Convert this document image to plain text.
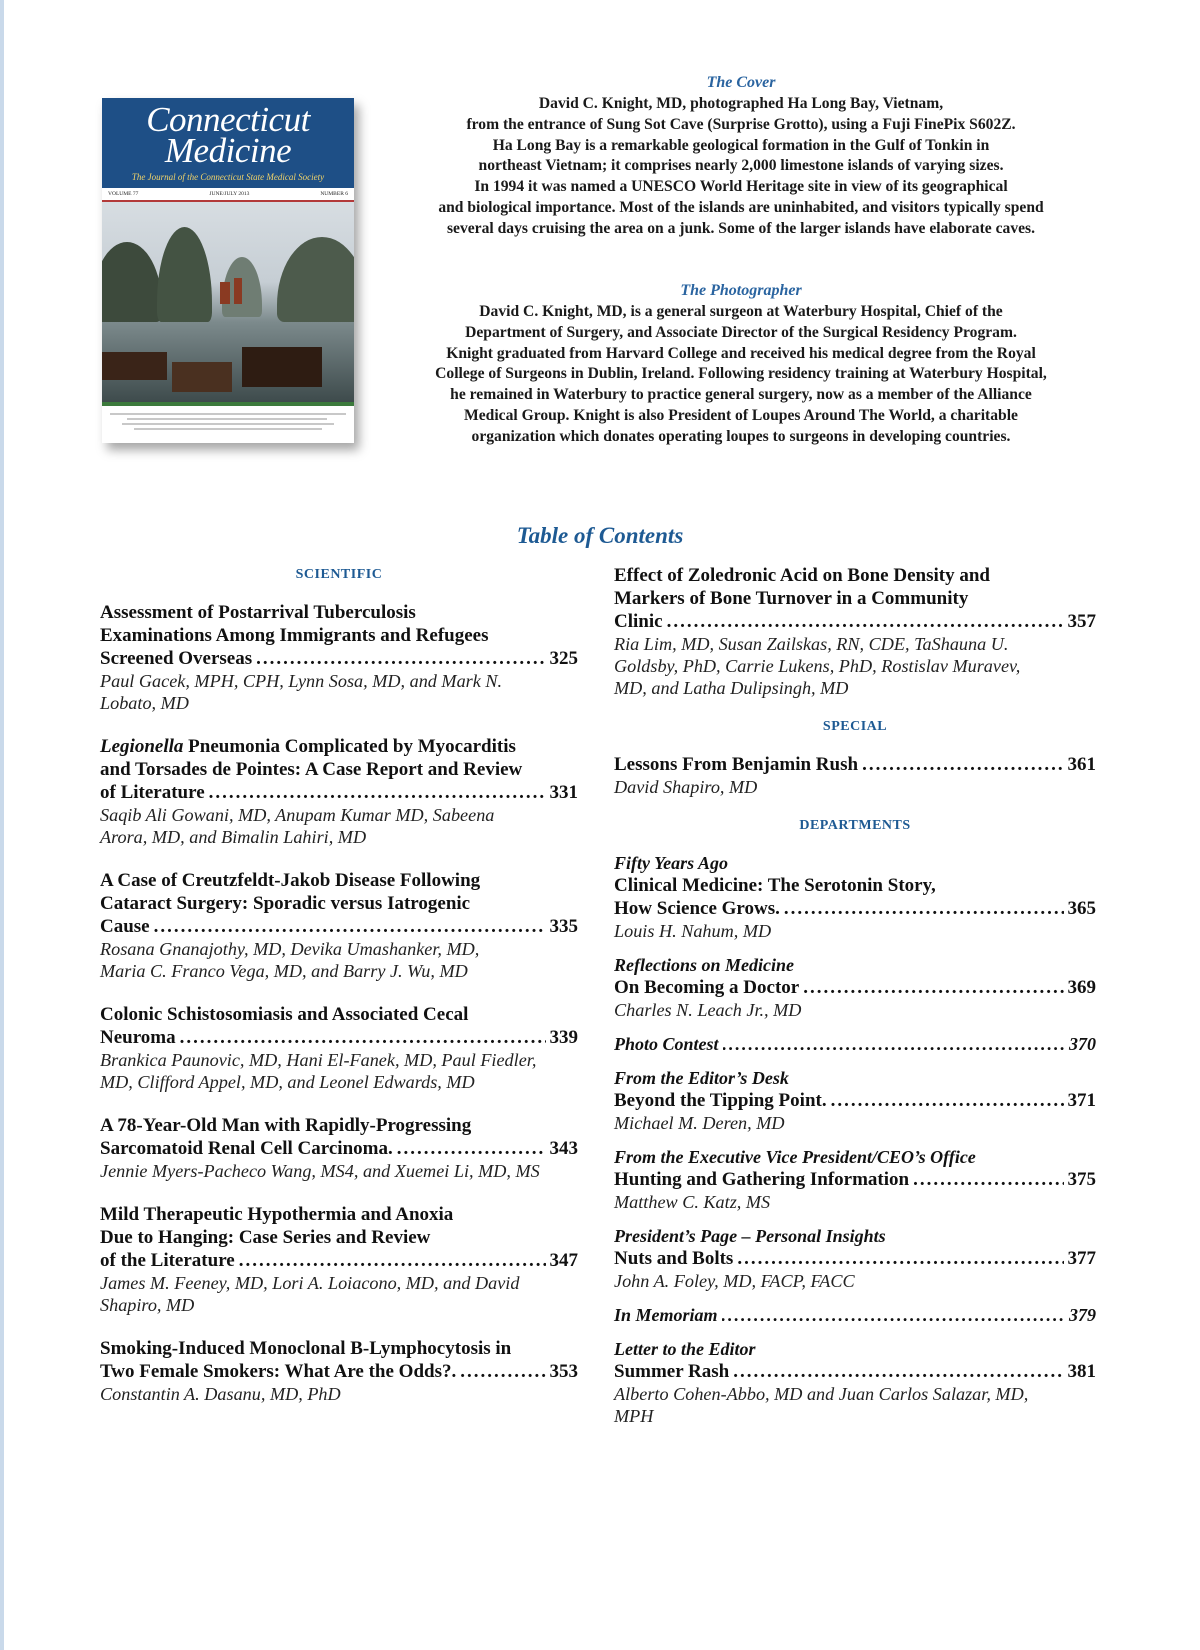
Connecticut
Medicine
The Journal of the Connecticut State Medical Society
VOLUME 77	JUNE/JULY 2013	NUMBER 6
The Cover

David C. Knight, MD, photographed Ha Long Bay, Vietnam,
from the entrance of Sung Sot Cave (Surprise Grotto), using a Fuji FinePix S602Z.
Ha Long Bay is a remarkable geological formation in the Gulf of Tonkin in
northeast Vietnam; it comprises nearly 2,000 limestone islands of varying sizes.
In 1994 it was named a UNESCO World Heritage site in view of its geographical
and biological importance. Most of the islands are uninhabited, and visitors typically spend
several days cruising the area on a junk. Some of the larger islands have elaborate caves.

The Photographer

David C. Knight, MD, is a general surgeon at Waterbury Hospital, Chief of the
Department of Surgery, and Associate Director of the Surgical Residency Program.
Knight graduated from Harvard College and received his medical degree from the Royal
College of Surgeons in Dublin, Ireland. Following residency training at Waterbury Hospital,
he remained in Waterbury to practice general surgery, now as a member of the Alliance
Medical Group. Knight is also President of Loupes Around The World, a charitable
organization which donates operating loupes to surgeons in developing countries.

Table of Contents
SCIENTIFIC
Assessment of Postarrival Tuberculosis
Examinations Among Immigrants and Refugees
Screened Overseas .....	325
Paul Gacek, MPH, CPH, Lynn Sosa, MD, and Mark N.
Lobato, MD
Legionella Pneumonia Complicated by Myocarditis
and Torsades de Pointes: A Case Report and Review
of Literature .....	331
Saqib Ali Gowani, MD, Anupam Kumar MD, Sabeena
Arora, MD, and Bimalin Lahiri, MD
A Case of Creutzfeldt-Jakob Disease Following
Cataract Surgery: Sporadic versus Iatrogenic
Cause .....	335
Rosana Gnanajothy, MD, Devika Umashanker, MD,
Maria C. Franco Vega, MD, and Barry J. Wu, MD
Colonic Schistosomiasis and Associated Cecal
Neuroma .....	339
Brankica Paunovic, MD, Hani El-Fanek, MD, Paul Fiedler,
MD, Clifford Appel, MD, and Leonel Edwards, MD
A 78-Year-Old Man with Rapidly-Progressing
Sarcomatoid Renal Cell Carcinoma. .....	343
Jennie Myers-Pacheco Wang, MS4, and Xuemei Li, MD, MS
Mild Therapeutic Hypothermia and Anoxia
Due to Hanging: Case Series and Review
of the Literature .....	347
James M. Feeney, MD, Lori A. Loiacono, MD, and David
Shapiro, MD
Smoking-Induced Monoclonal B-Lymphocytosis in
Two Female Smokers: What Are the Odds?. .....	353
Constantin A. Dasanu, MD, PhD
Effect of Zoledronic Acid on Bone Density and
Markers of Bone Turnover in a Community
Clinic .....	357
Ria Lim, MD, Susan Zailskas, RN, CDE, TaShauna U.
Goldsby, PhD, Carrie Lukens, PhD, Rostislav Muravev,
MD, and Latha Dulipsingh, MD
SPECIAL
Lessons From Benjamin Rush .....	361
David Shapiro, MD
DEPARTMENTS
Fifty Years Ago
Clinical Medicine: The Serotonin Story,
How Science Grows. .....	365
Louis H. Nahum, MD
Reflections on Medicine
On Becoming a Doctor .....	369
Charles N. Leach Jr., MD
Photo Contest .....	370
From the Editor’s Desk
Beyond the Tipping Point. .....	371
Michael M. Deren, MD
From the Executive Vice President/CEO’s Office
Hunting and Gathering Information .....	375
Matthew C. Katz, MS
President’s Page – Personal Insights
Nuts and Bolts .....	377
John A. Foley, MD, FACP, FACC
In Memoriam .....	379
Letter to the Editor
Summer Rash .....	381
Alberto Cohen-Abbo, MD and Juan Carlos Salazar, MD,
MPH
